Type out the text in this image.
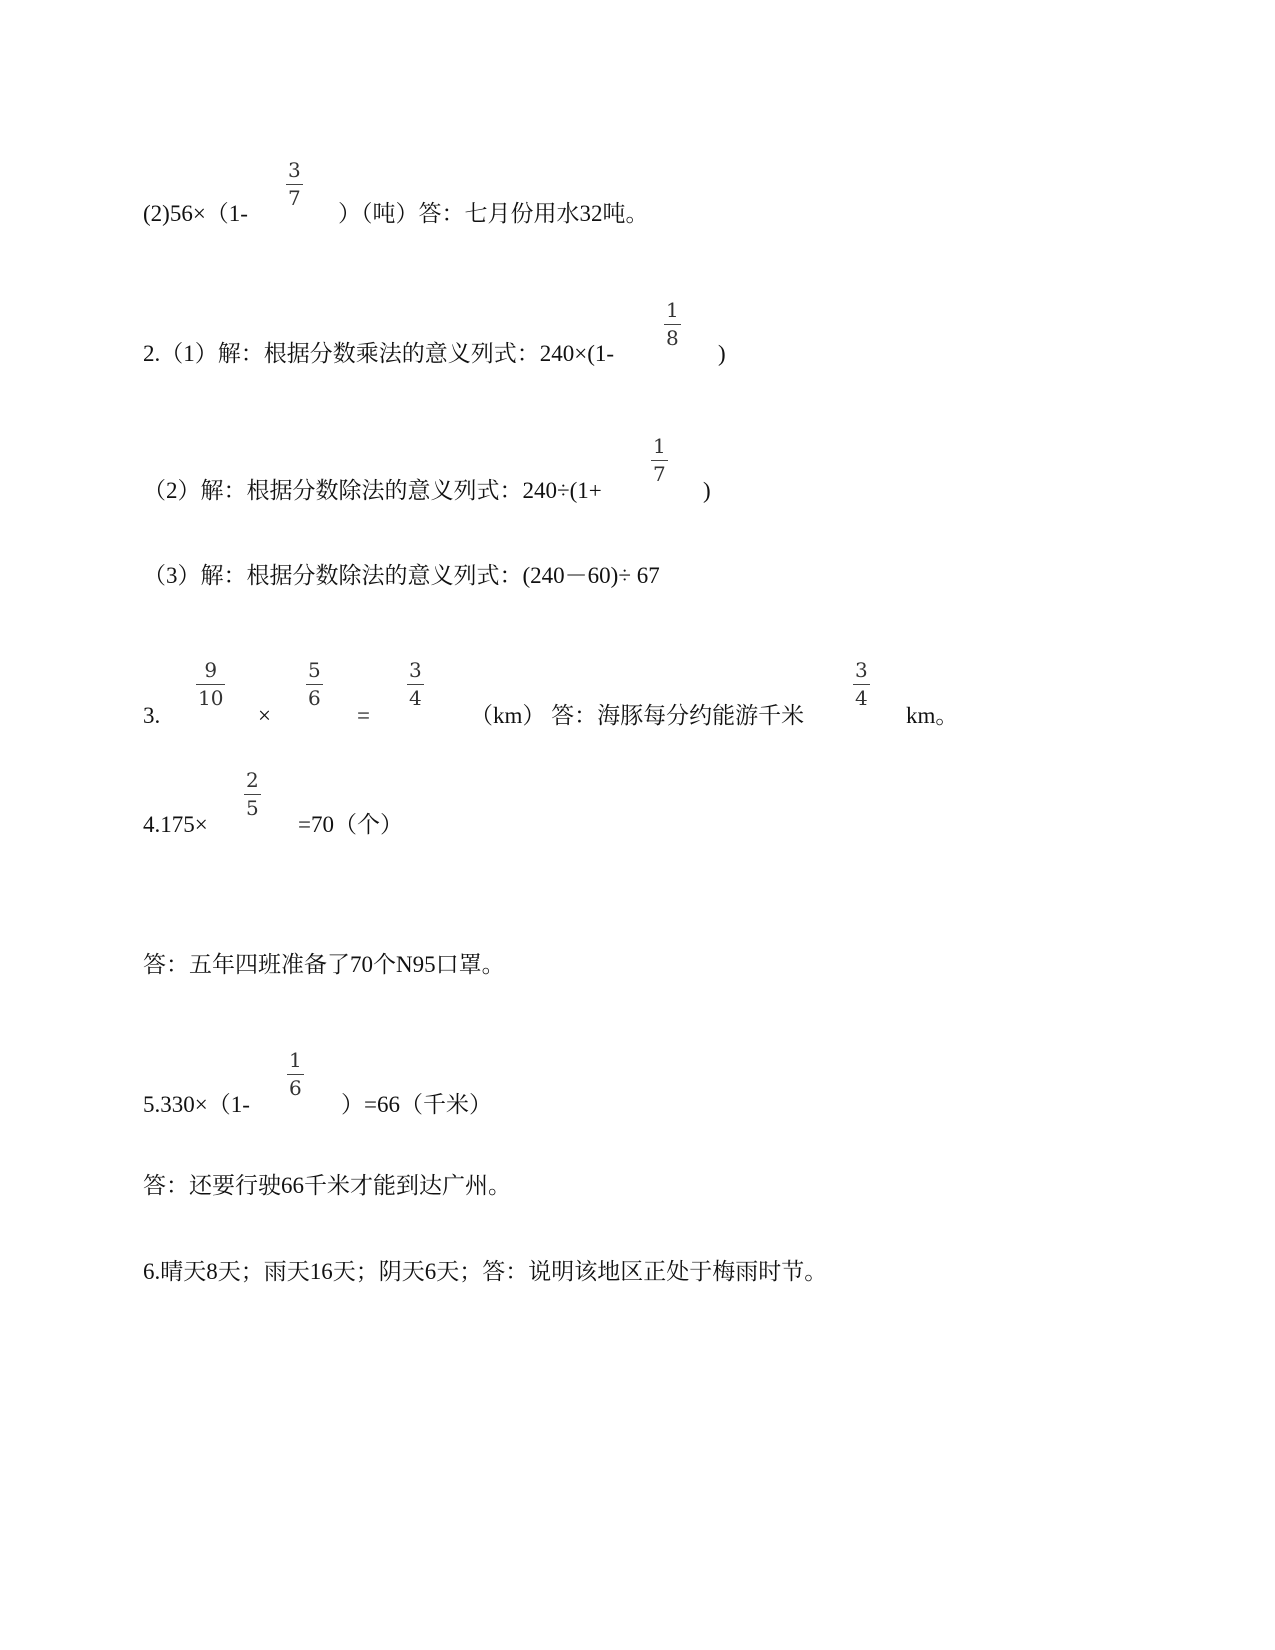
3
7
(2)56×（1-	）（吨）答：七月份用水32吨。
1
8
2.（1）解：根据分数乘法的意义列式：240×(1-	)
1
7
（2）解：根据分数除法的意义列式：240÷(1+	)
（3）解：根据分数除法的意义列式：(240－60)÷ 67
3.
9
10
×
5
6
=
3
4
（km） 答：海豚每分约能游千米
3
4
km。
2
5
4.175×	=70（个）
答：五年四班准备了70个N95口罩。
1
6
5.330×（1-	）=66（千米）
答：还要行驶66千米才能到达广州。
6.晴天8天；雨天16天；阴天6天；答：说明该地区正处于梅雨时节。
